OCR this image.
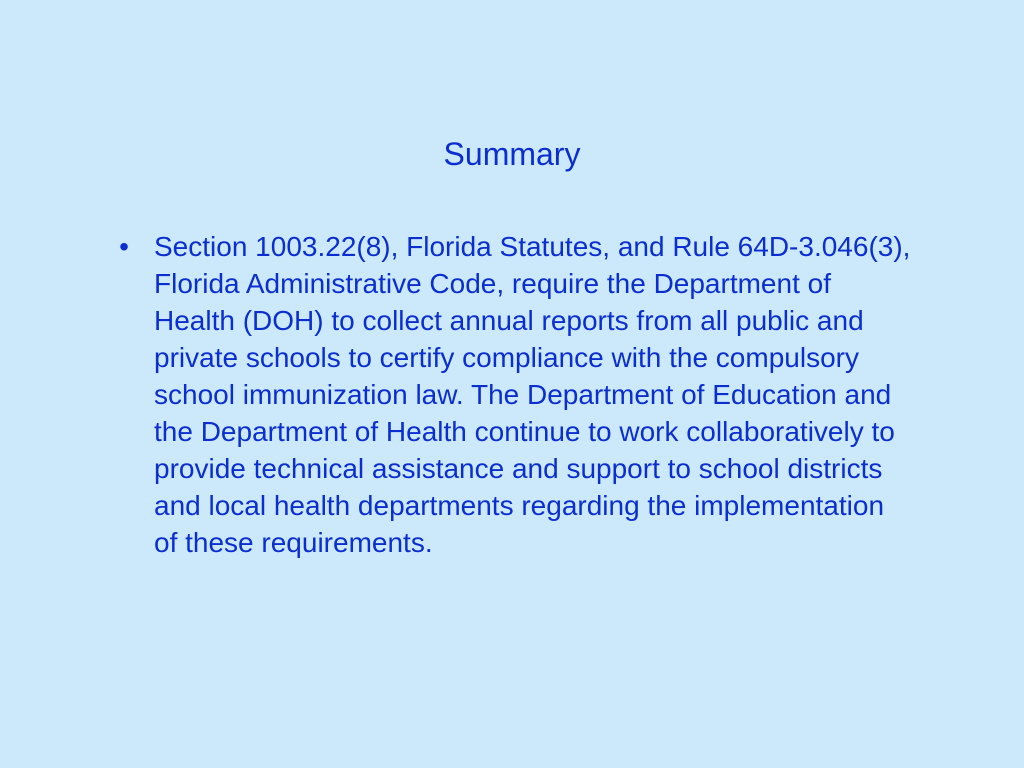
Summary
• Section 1003.22(8), Florida Statutes, and Rule 64D-3.046(3), Florida Administrative Code, require the Department of Health (DOH) to collect annual reports from all public and private schools to certify compliance with the compulsory school immunization law. The Department of Education and the Department of Health continue to work collaboratively to provide technical assistance and support to school districts and local health departments regarding the implementation of these requirements.
